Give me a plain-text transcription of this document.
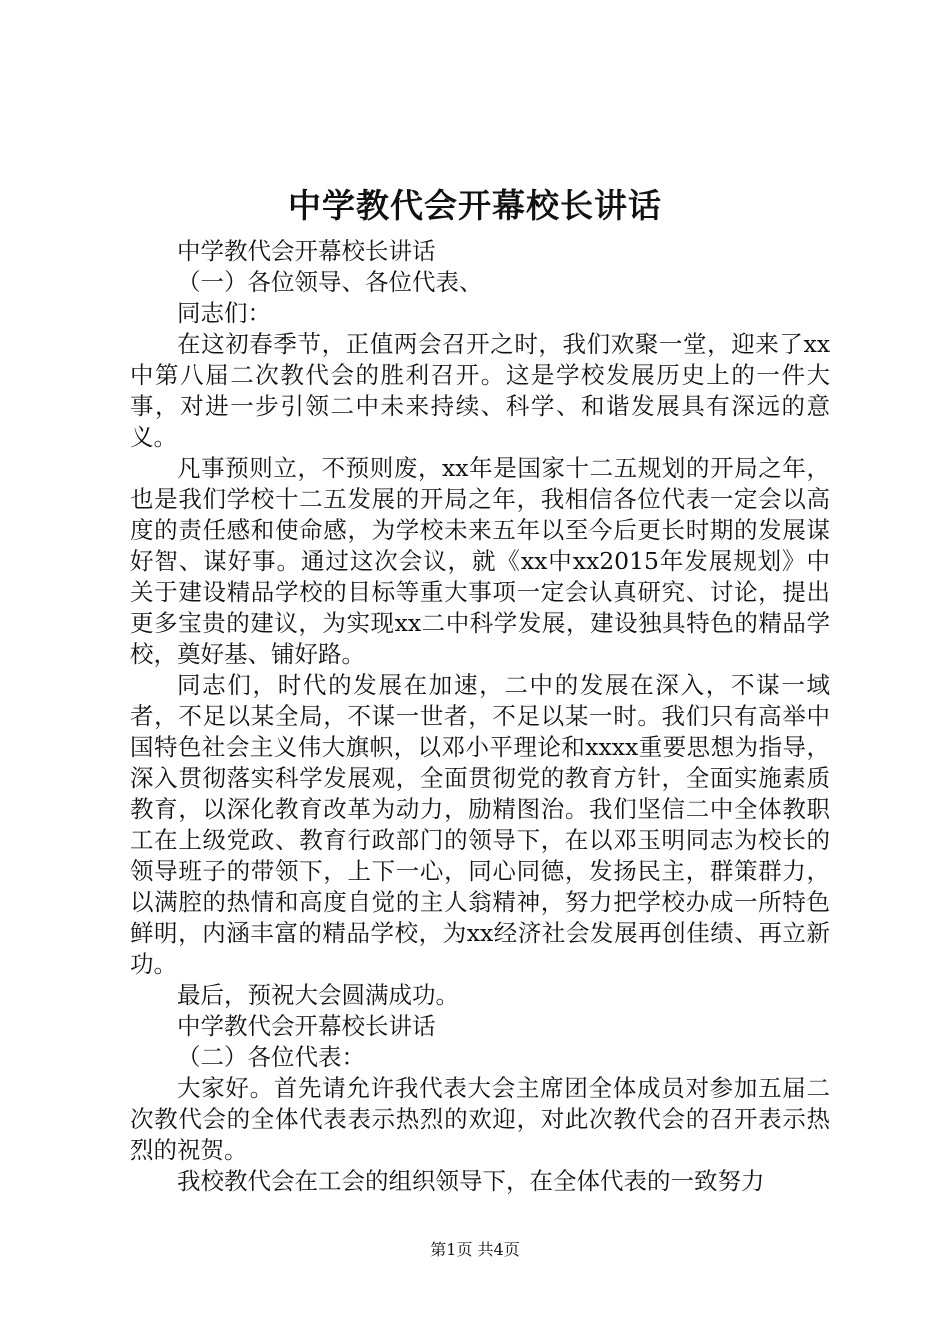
中学教代会开幕校长讲话

中学教代会开幕校长讲话

（一）各位领导、各位代表、

同志们：

在这初春季节，正值两会召开之时，我们欢聚一堂，迎来了xx中第八届二次教代会的胜利召开。这是学校发展历史上的一件大事，对进一步引领二中未来持续、科学、和谐发展具有深远的意义。

凡事预则立，不预则废，xx年是国家十二五规划的开局之年，也是我们学校十二五发展的开局之年，我相信各位代表一定会以高度的责任感和使命感，为学校未来五年以至今后更长时期的发展谋好智、谋好事。通过这次会议，就《xx中xx2015年发展规划》中关于建设精品学校的目标等重大事项一定会认真研究、讨论，提出更多宝贵的建议，为实现xx二中科学发展，建设独具特色的精品学校，奠好基、铺好路。

同志们，时代的发展在加速，二中的发展在深入，不谋一域者，不足以某全局，不谋一世者，不足以某一时。我们只有高举中国特色社会主义伟大旗帜，以邓小平理论和xxxx重要思想为指导，深入贯彻落实科学发展观，全面贯彻党的教育方针，全面实施素质教育，以深化教育改革为动力，励精图治。我们坚信二中全体教职工在上级党政、教育行政部门的领导下，在以邓玉明同志为校长的领导班子的带领下，上下一心，同心同德，发扬民主，群策群力，以满腔的热情和高度自觉的主人翁精神，努力把学校办成一所特色鲜明，内涵丰富的精品学校，为xx经济社会发展再创佳绩、再立新功。

最后，预祝大会圆满成功。

中学教代会开幕校长讲话

（二）各位代表：

大家好。首先请允许我代表大会主席团全体成员对参加五届二次教代会的全体代表表示热烈的欢迎，对此次教代会的召开表示热烈的祝贺。

我校教代会在工会的组织领导下，在全体代表的一致努力

第1页 共4页
